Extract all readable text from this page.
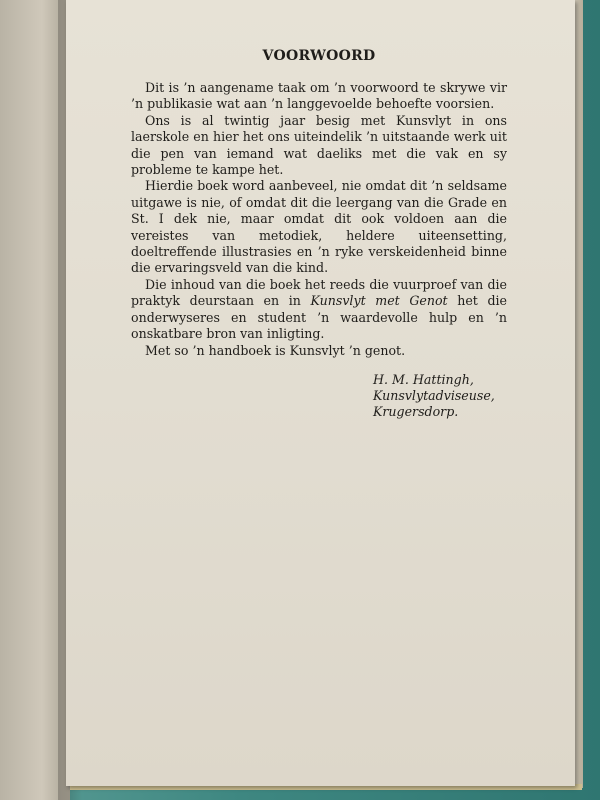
VOORWOORD

Dit is ’n aangename taak om ’n voorwoord te skrywe vir ’n publikasie wat aan ’n langgevoelde behoefte voorsien.

Ons is al twintig jaar besig met Kunsvlyt in ons laerskole en hier het ons uiteindelik ’n uitstaande werk uit die pen van iemand wat daeliks met die vak en sy probleme te kampe het.

Hierdie boek word aanbeveel, nie omdat dit ’n seldsame uitgawe is nie, of omdat dit die leergang van die Grade en St. I dek nie, maar omdat dit ook voldoen aan die vereistes van metodiek, heldere uiteensetting, doeltreffende illustrasies en ’n ryke verskeidenheid binne die ervaringsveld van die kind.

Die inhoud van die boek het reeds die vuurproef van die praktyk deurstaan en in Kunsvlyt met Genot het die onderwyseres en student ’n waardevolle hulp en ’n onskatbare bron van inligting.

Met so ’n handboek is Kunsvlyt ’n genot.

H. M. Hattingh,
Kunsvlytadviseuse,
Krugersdorp.
